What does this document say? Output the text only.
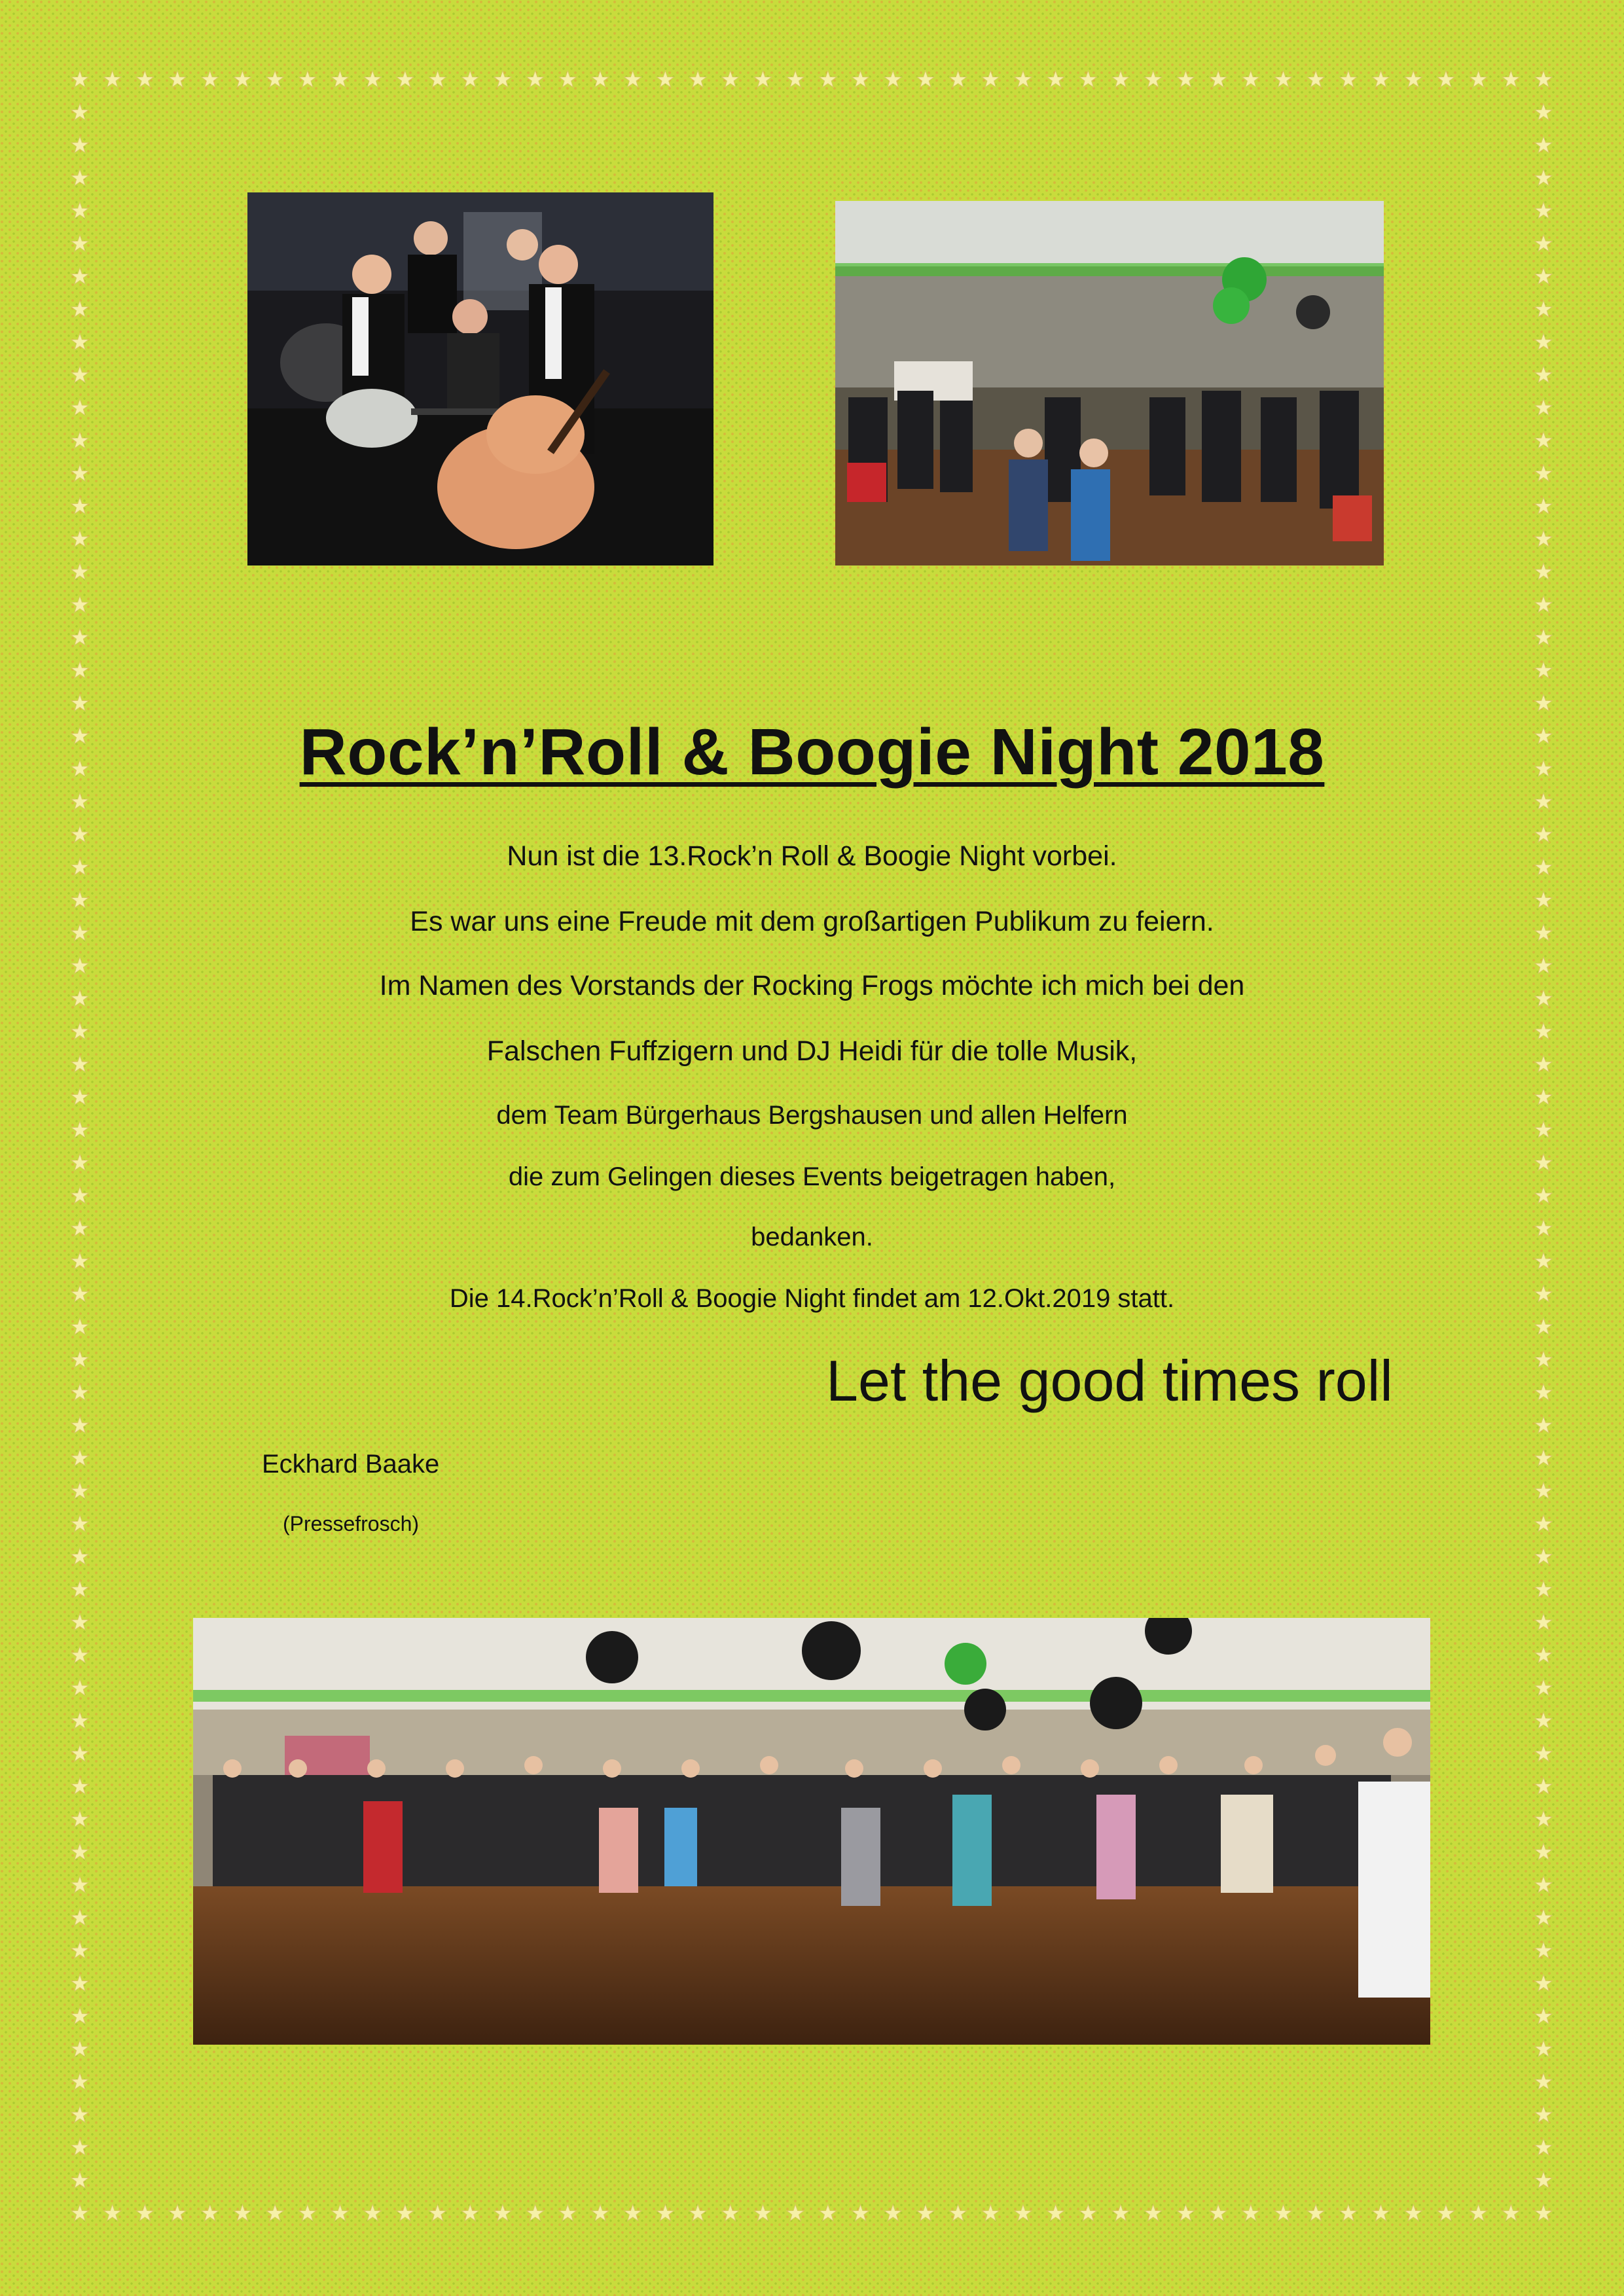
Rock’n’Roll & Boogie Night 2018

Nun ist die 13.Rock’n Roll & Boogie Night vorbei.

Es war uns eine Freude mit dem großartigen Publikum zu feiern.

Im Namen des Vorstands der Rocking Frogs möchte ich mich bei den

Falschen Fuffzigern und DJ Heidi für die tolle Musik,

dem Team Bürgerhaus Bergshausen und allen Helfern

die zum Gelingen dieses Events beigetragen haben,

bedanken.

Die 14.Rock’n’Roll & Boogie Night findet am 12.Okt.2019 statt.

Let the good times roll

Eckhard Baake

(Pressefrosch)
